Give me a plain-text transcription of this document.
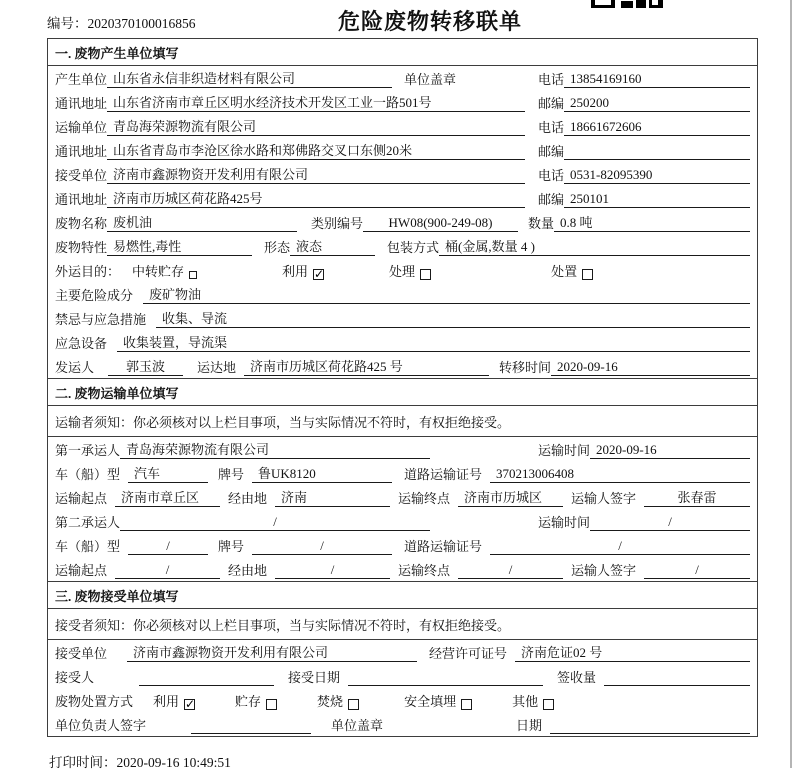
编号：2020370100016856	危险废物转移联单
一. 废物产生单位填写
产生单位 山东省永信非织造材料有限公司	单位盖章	电话 13854169160
通讯地址 山东省济南市章丘区明水经济技术开发区工业一路501号	邮编 250200
运输单位 青岛海荣源物流有限公司	电话 18661672606
通讯地址 山东省青岛市李沧区徐水路和郑佛路交叉口东侧20米	邮编
接受单位 济南市鑫源物资开发利用有限公司	电话 0531-82095390
通讯地址 济南市历城区荷花路425号	邮编 250101
废物名称 废机油	类别编号	HW08(900-249-08)	数量 0.8 吨
废物特性 易燃性,毒性	形态 液态	包装方式 桶(金属,数量 4 )
外运目的： 中转贮存	利用 ✓	处理	处置
主要危险成分	废矿物油
禁忌与应急措施	收集、导流
应急设备	收集装置，导流渠
发运人	郭玉波	运达地	济南市历城区荷花路425 号	转移时间 2020-09-16
二. 废物运输单位填写
运输者须知：你必须核对以上栏目事项，当与实际情况不符时，有权拒绝接受。
第一承运人 青岛海荣源物流有限公司	运输时间 2020-09-16
车（船）型	汽车	牌号	鲁UK8120	道路运输证号	370213006408
运输起点	济南市章丘区	经由地	济南	运输终点	济南市历城区	运输人签字	张春雷
第二承运人	/	运输时间	/
车（船）型	/	牌号	/	道路运输证号	/
运输起点	/	经由地	/	运输终点	/	运输人签字	/
三. 废物接受单位填写
接受者须知：你必须核对以上栏目事项，当与实际情况不符时，有权拒绝接受。
接受单位	济南市鑫源物资开发利用有限公司	经营许可证号	济南危证02 号
接受人	接受日期	签收量
废物处置方式 利用 ✓	贮存	焚烧	安全填埋	其他
单位负责人签字	单位盖章	日期
打印时间：2020-09-16 10:49:51
